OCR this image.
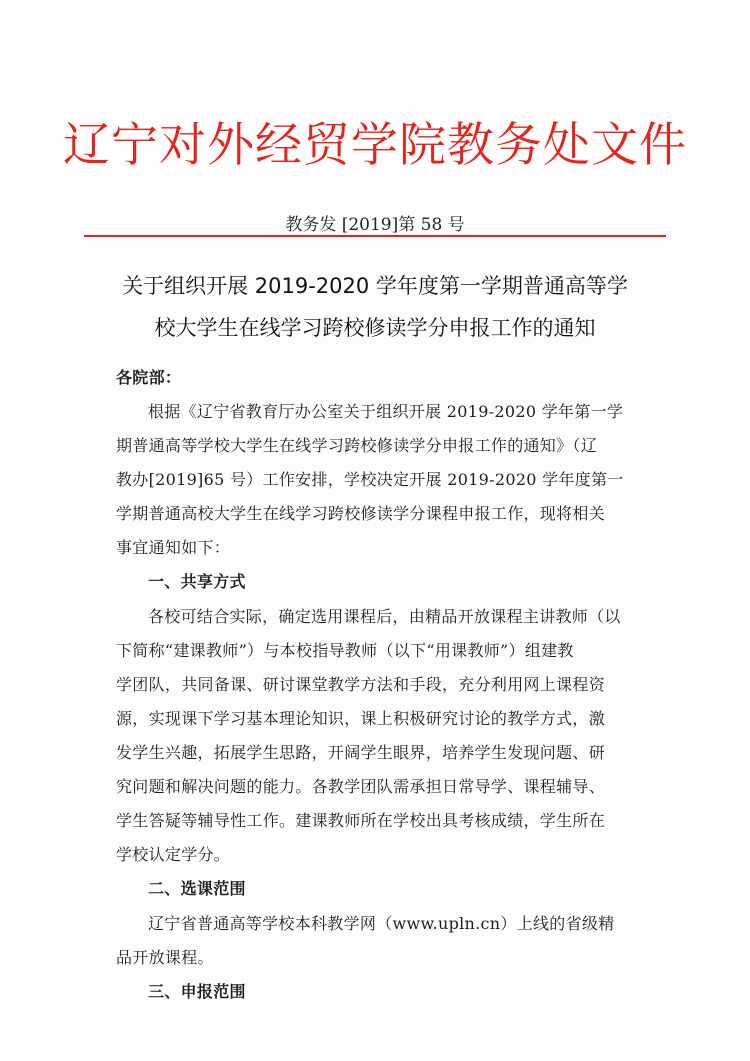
辽宁对外经贸学院教务处文件
教务发 [2019]第 58 号
关于组织开展 2019-2020 学年度第一学期普通高等学
校大学生在线学习跨校修读学分申报工作的通知
各院部：
根据《辽宁省教育厅办公室关于组织开展 2019-2020 学年第一学
期普通高等学校大学生在线学习跨校修读学分申报工作的通知》（辽
教办[2019]65 号）工作安排，学校决定开展 2019-2020 学年度第一
学期普通高校大学生在线学习跨校修读学分课程申报工作，现将相关
事宜通知如下：
一、共享方式
各校可结合实际，确定选用课程后，由精品开放课程主讲教师（以
下简称“建课教师”）与本校指导教师（以下“用课教师”）组建教
学团队，共同备课、研讨课堂教学方法和手段，充分利用网上课程资
源，实现课下学习基本理论知识，课上积极研究讨论的教学方式，激
发学生兴趣，拓展学生思路，开阔学生眼界，培养学生发现问题、研
究问题和解决问题的能力。各教学团队需承担日常导学、课程辅导、
学生答疑等辅导性工作。建课教师所在学校出具考核成绩，学生所在
学校认定学分。
二、选课范围
辽宁省普通高等学校本科教学网（www.upln.cn）上线的省级精
品开放课程。
三、申报范围
